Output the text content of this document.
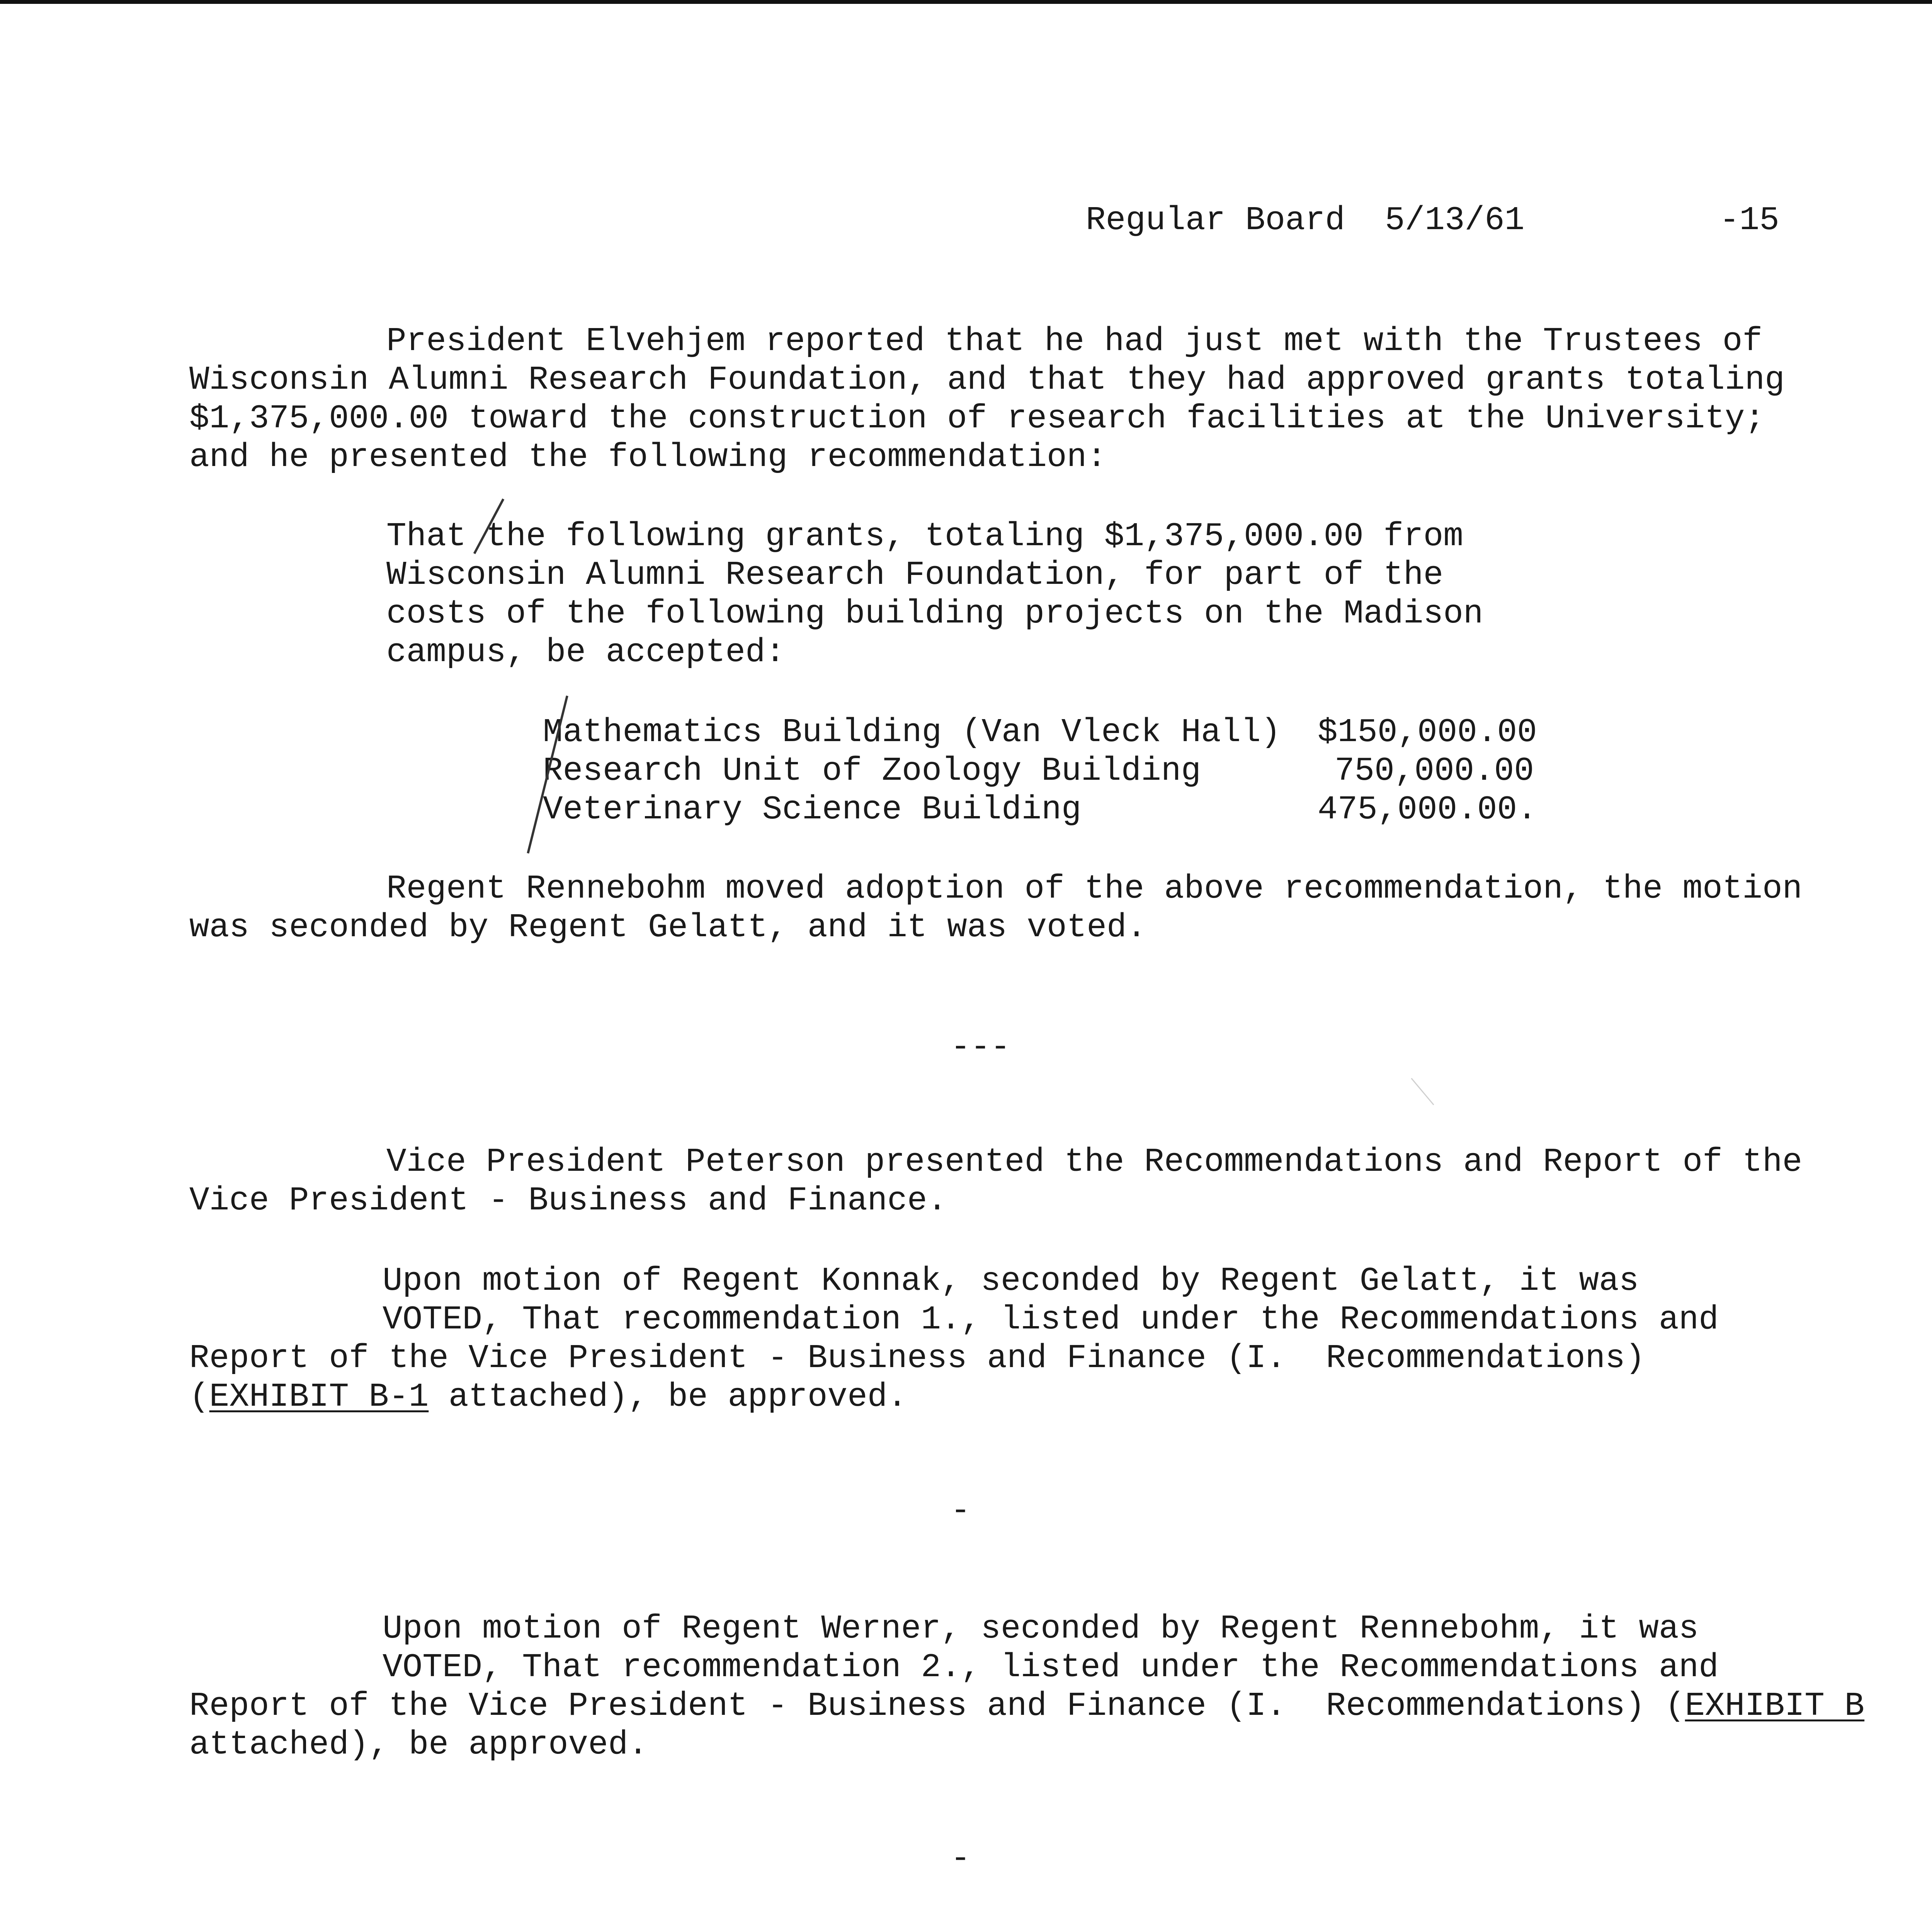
Regular Board  5/13/61	-15
President Elvehjem reported that he had just met with the Trustees of
Wisconsin Alumni Research Foundation, and that they had approved grants totaling
$1,375,000.00 toward the construction of research facilities at the University;
and he presented the following recommendation:
That the following grants, totaling $1,375,000.00 from
Wisconsin Alumni Research Foundation, for part of the
costs of the following building projects on the Madison
campus, be accepted:
Mathematics Building (Van Vleck Hall) $150,000.00
Research Unit of Zoology Building	750,000.00
Veterinary Science Building	475,000.00.
Regent Rennebohm moved adoption of the above recommendation, the motion
was seconded by Regent Gelatt, and it was voted.
---
Vice President Peterson presented the Recommendations and Report of the
Vice President - Business and Finance.
Upon motion of Regent Konnak, seconded by Regent Gelatt, it was
VOTED, That recommendation 1., listed under the Recommendations and
Report of the Vice President - Business and Finance (I.  Recommendations)
(EXHIBIT B-1 attached), be approved.
-
Upon motion of Regent Werner, seconded by Regent Rennebohm, it was
VOTED, That recommendation 2., listed under the Recommendations and
Report of the Vice President - Business and Finance (I.  Recommendations) (EXHIBIT B
attached), be approved.
-
